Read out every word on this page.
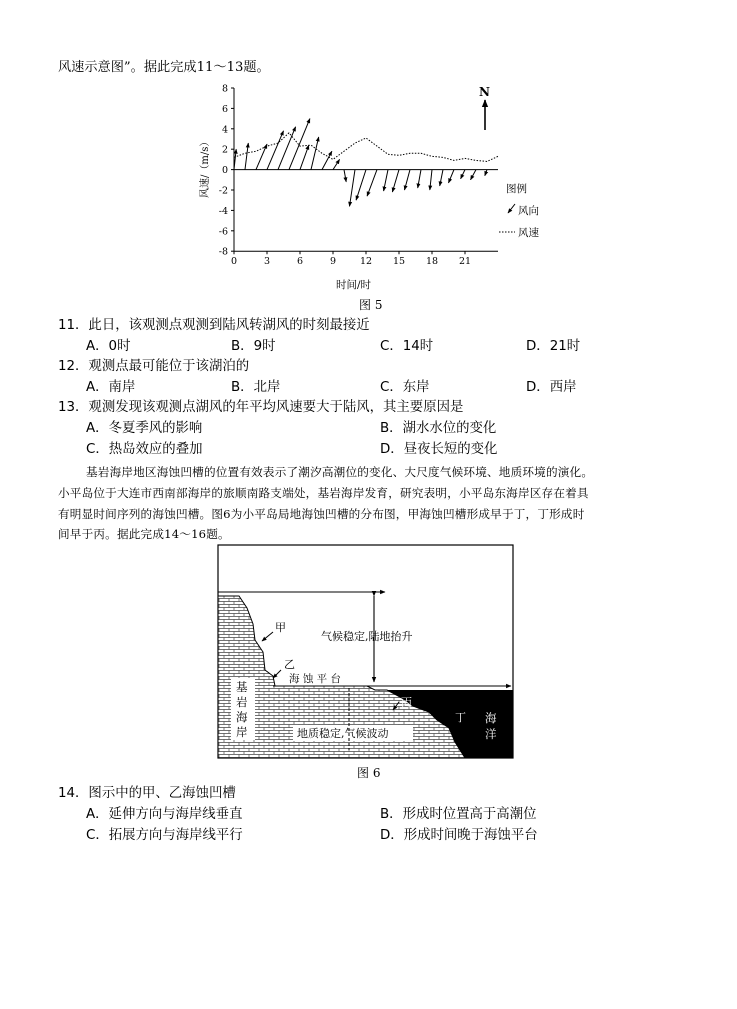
风速示意图”。据此完成11～13题。
8
6
4
2
0
-2
-4
-6
-8
0	3	6	9	12 15 18 21
N
图例
风向
风速
风速/（m/s）
时间/时
图 5
11．此日，该观测点观测到陆风转湖风的时刻最接近
A．0时	B．9时	C．14时	D．21时
12．观测点最可能位于该湖泊的
A．南岸	B．北岸	C．东岸	D．西岸
13．观测发现该观测点湖风的年平均风速要大于陆风，其主要原因是
A．冬夏季风的影响	B．湖水水位的变化
C．热岛效应的叠加	D．昼夜长短的变化
基岩海岸地区海蚀凹槽的位置有效表示了潮汐高潮位的变化、大尺度气候环境、地质环境的演化。
小平岛位于大连市西南部海岸的旅顺南路支端处，基岩海岸发育，研究表明，小平岛东海岸区存在着具
有明显时间序列的海蚀凹槽。图6为小平岛局地海蚀凹槽的分布图，甲海蚀凹槽形成早于丁，丁形成时
间早于丙。据此完成14～16题。
甲
乙
气候稳定,陆地抬升
海 蚀 平 台
丙
丁
基
岩
海
岸	地质稳定,气候波动
海
洋
图 6
14．图示中的甲、乙海蚀凹槽
A．延伸方向与海岸线垂直	B．形成时位置高于高潮位
C．拓展方向与海岸线平行	D．形成时间晚于海蚀平台
